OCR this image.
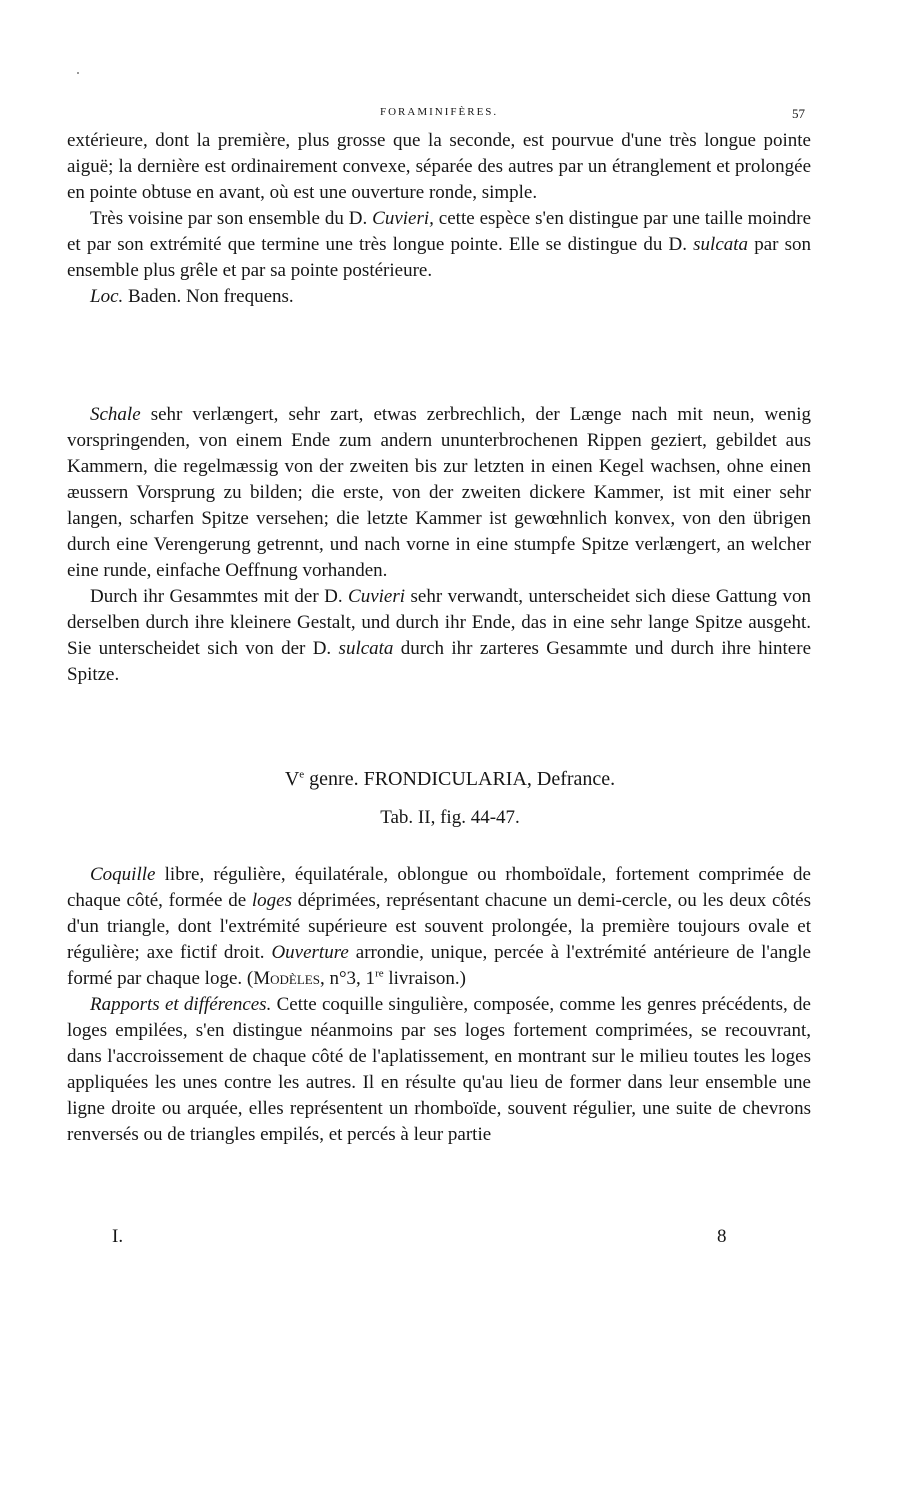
FORAMINIFÈRES.	57

extérieure, dont la première, plus grosse que la seconde, est pourvue d'une très longue pointe aiguë; la dernière est ordinairement convexe, séparée des autres par un étranglement et prolongée en pointe obtuse en avant, où est une ouverture ronde, simple.

Très voisine par son ensemble du D. Cuvieri, cette espèce s'en distingue par une taille moindre et par son extrémité que termine une très longue pointe. Elle se distingue du D. sulcata par son ensemble plus grêle et par sa pointe postérieure.

Loc. Baden. Non frequens.

Schale sehr verlængert, sehr zart, etwas zerbrechlich, der Længe nach mit neun, wenig vorspringenden, von einem Ende zum andern ununterbrochenen Rippen geziert, gebildet aus Kammern, die regelmæssig von der zweiten bis zur letzten in einen Kegel wachsen, ohne einen æussern Vorsprung zu bilden; die erste, von der zweiten dickere Kammer, ist mit einer sehr langen, scharfen Spitze versehen; die letzte Kammer ist gewœhnlich konvex, von den übrigen durch eine Verengerung getrennt, und nach vorne in eine stumpfe Spitze verlængert, an welcher eine runde, einfache Oeffnung vorhanden.

Durch ihr Gesammtes mit der D. Cuvieri sehr verwandt, unterscheidet sich diese Gattung von derselben durch ihre kleinere Gestalt, und durch ihr Ende, das in eine sehr lange Spitze ausgeht. Sie unterscheidet sich von der D. sulcata durch ihr zarteres Gesammte und durch ihre hintere Spitze.

Ve genre. FRONDICULARIA, Defrance.
Tab. II, fig. 44-47.

Coquille libre, régulière, équilatérale, oblongue ou rhomboïdale, fortement comprimée de chaque côté, formée de loges déprimées, représentant chacune un demi-cercle, ou les deux côtés d'un triangle, dont l'extrémité supérieure est souvent prolongée, la première toujours ovale et régulière; axe fictif droit. Ouverture arrondie, unique, percée à l'extrémité antérieure de l'angle formé par chaque loge. (Modèles, n°3, 1re livraison.)

Rapports et différences. Cette coquille singulière, composée, comme les genres précédents, de loges empilées, s'en distingue néanmoins par ses loges fortement comprimées, se recouvrant, dans l'accroissement de chaque côté de l'aplatissement, en montrant sur le milieu toutes les loges appliquées les unes contre les autres. Il en résulte qu'au lieu de former dans leur ensemble une ligne droite ou arquée, elles représentent un rhomboïde, souvent régulier, une suite de chevrons renversés ou de triangles empilés, et percés à leur partie

I.	8
